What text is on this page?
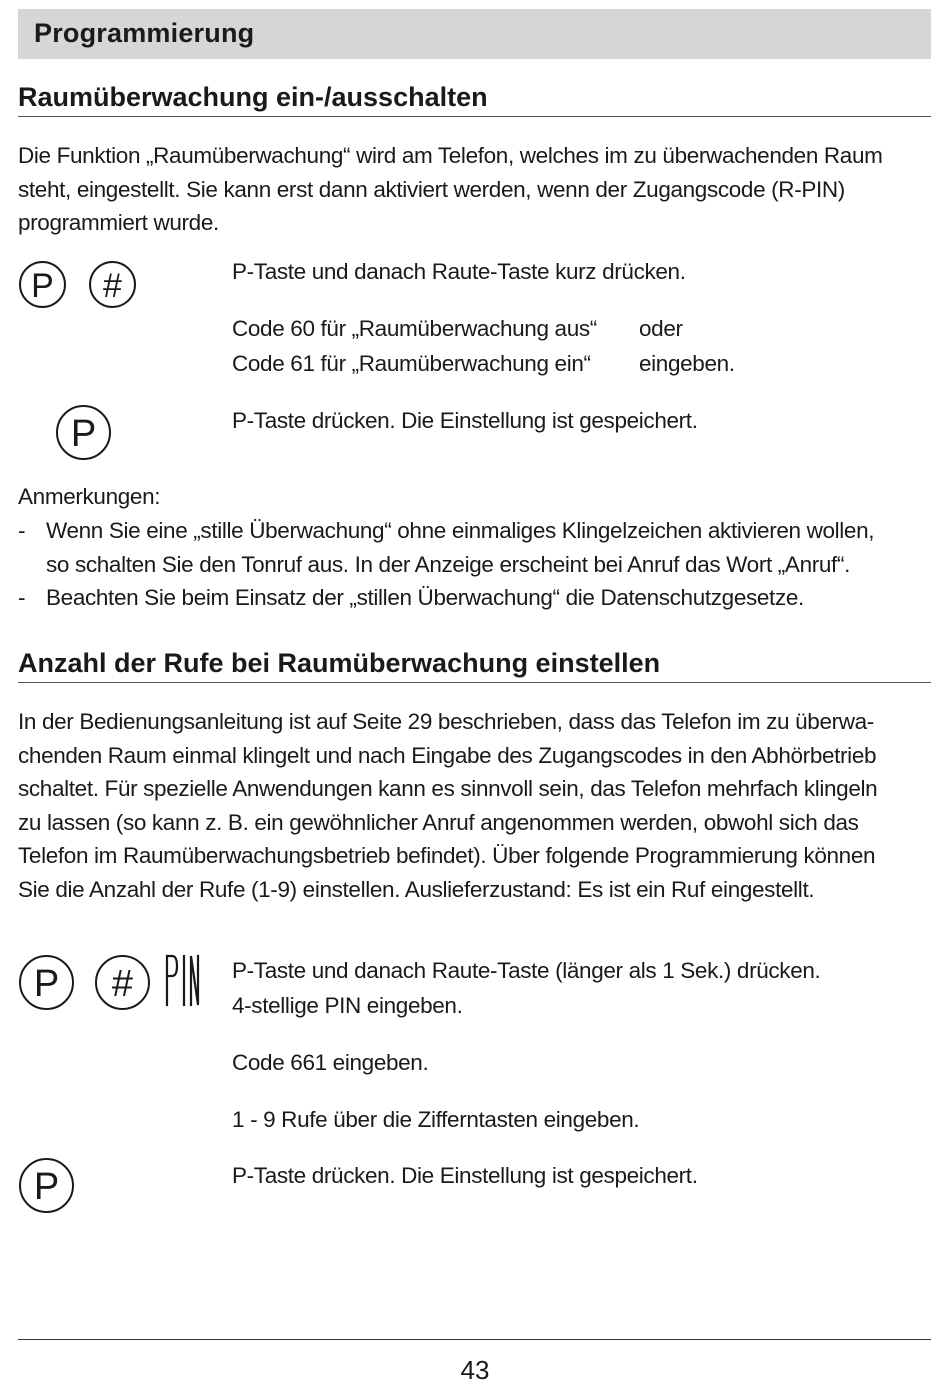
Programmierung
Raumüberwachung ein-/ausschalten
Die Funktion „Raumüberwachung“ wird am Telefon, welches im zu überwachenden Raum
steht, eingestellt. Sie kann erst dann aktiviert werden, wenn der Zugangscode (R-PIN)
programmiert wurde.
P #	P-Taste und danach Raute-Taste kurz drücken.
Code 60 für „Raumüberwachung aus“ oder
Code 61 für „Raumüberwachung ein“ eingeben.
P	P-Taste drücken. Die Einstellung ist gespeichert.
Anmerkungen:
- Wenn Sie eine „stille Überwachung“ ohne einmaliges Klingelzeichen aktivieren wollen,
so schalten Sie den Tonruf aus. In der Anzeige erscheint bei Anruf das Wort „Anruf“.
- Beachten Sie beim Einsatz der „stillen Überwachung“ die Datenschutzgesetze.
Anzahl der Rufe bei Raumüberwachung einstellen
In der Bedienungsanleitung ist auf Seite 29 beschrieben, dass das Telefon im zu überwa-
chenden Raum einmal klingelt und nach Eingabe des Zugangscodes in den Abhörbetrieb
schaltet. Für spezielle Anwendungen kann es sinnvoll sein, das Telefon mehrfach klingeln
zu lassen (so kann z. B. ein gewöhnlicher Anruf angenommen werden, obwohl sich das
Telefon im Raumüberwachungsbetrieb befindet). Über folgende Programmierung können
Sie die Anzahl der Rufe (1-9) einstellen. Auslieferzustand: Es ist ein Ruf eingestellt.
P #	P-Taste und danach Raute-Taste (länger als 1 Sek.) drücken.
4-stellige PIN eingeben.
Code 661 eingeben.
1 - 9 Rufe über die Zifferntasten eingeben.
P	P-Taste drücken. Die Einstellung ist gespeichert.
43
